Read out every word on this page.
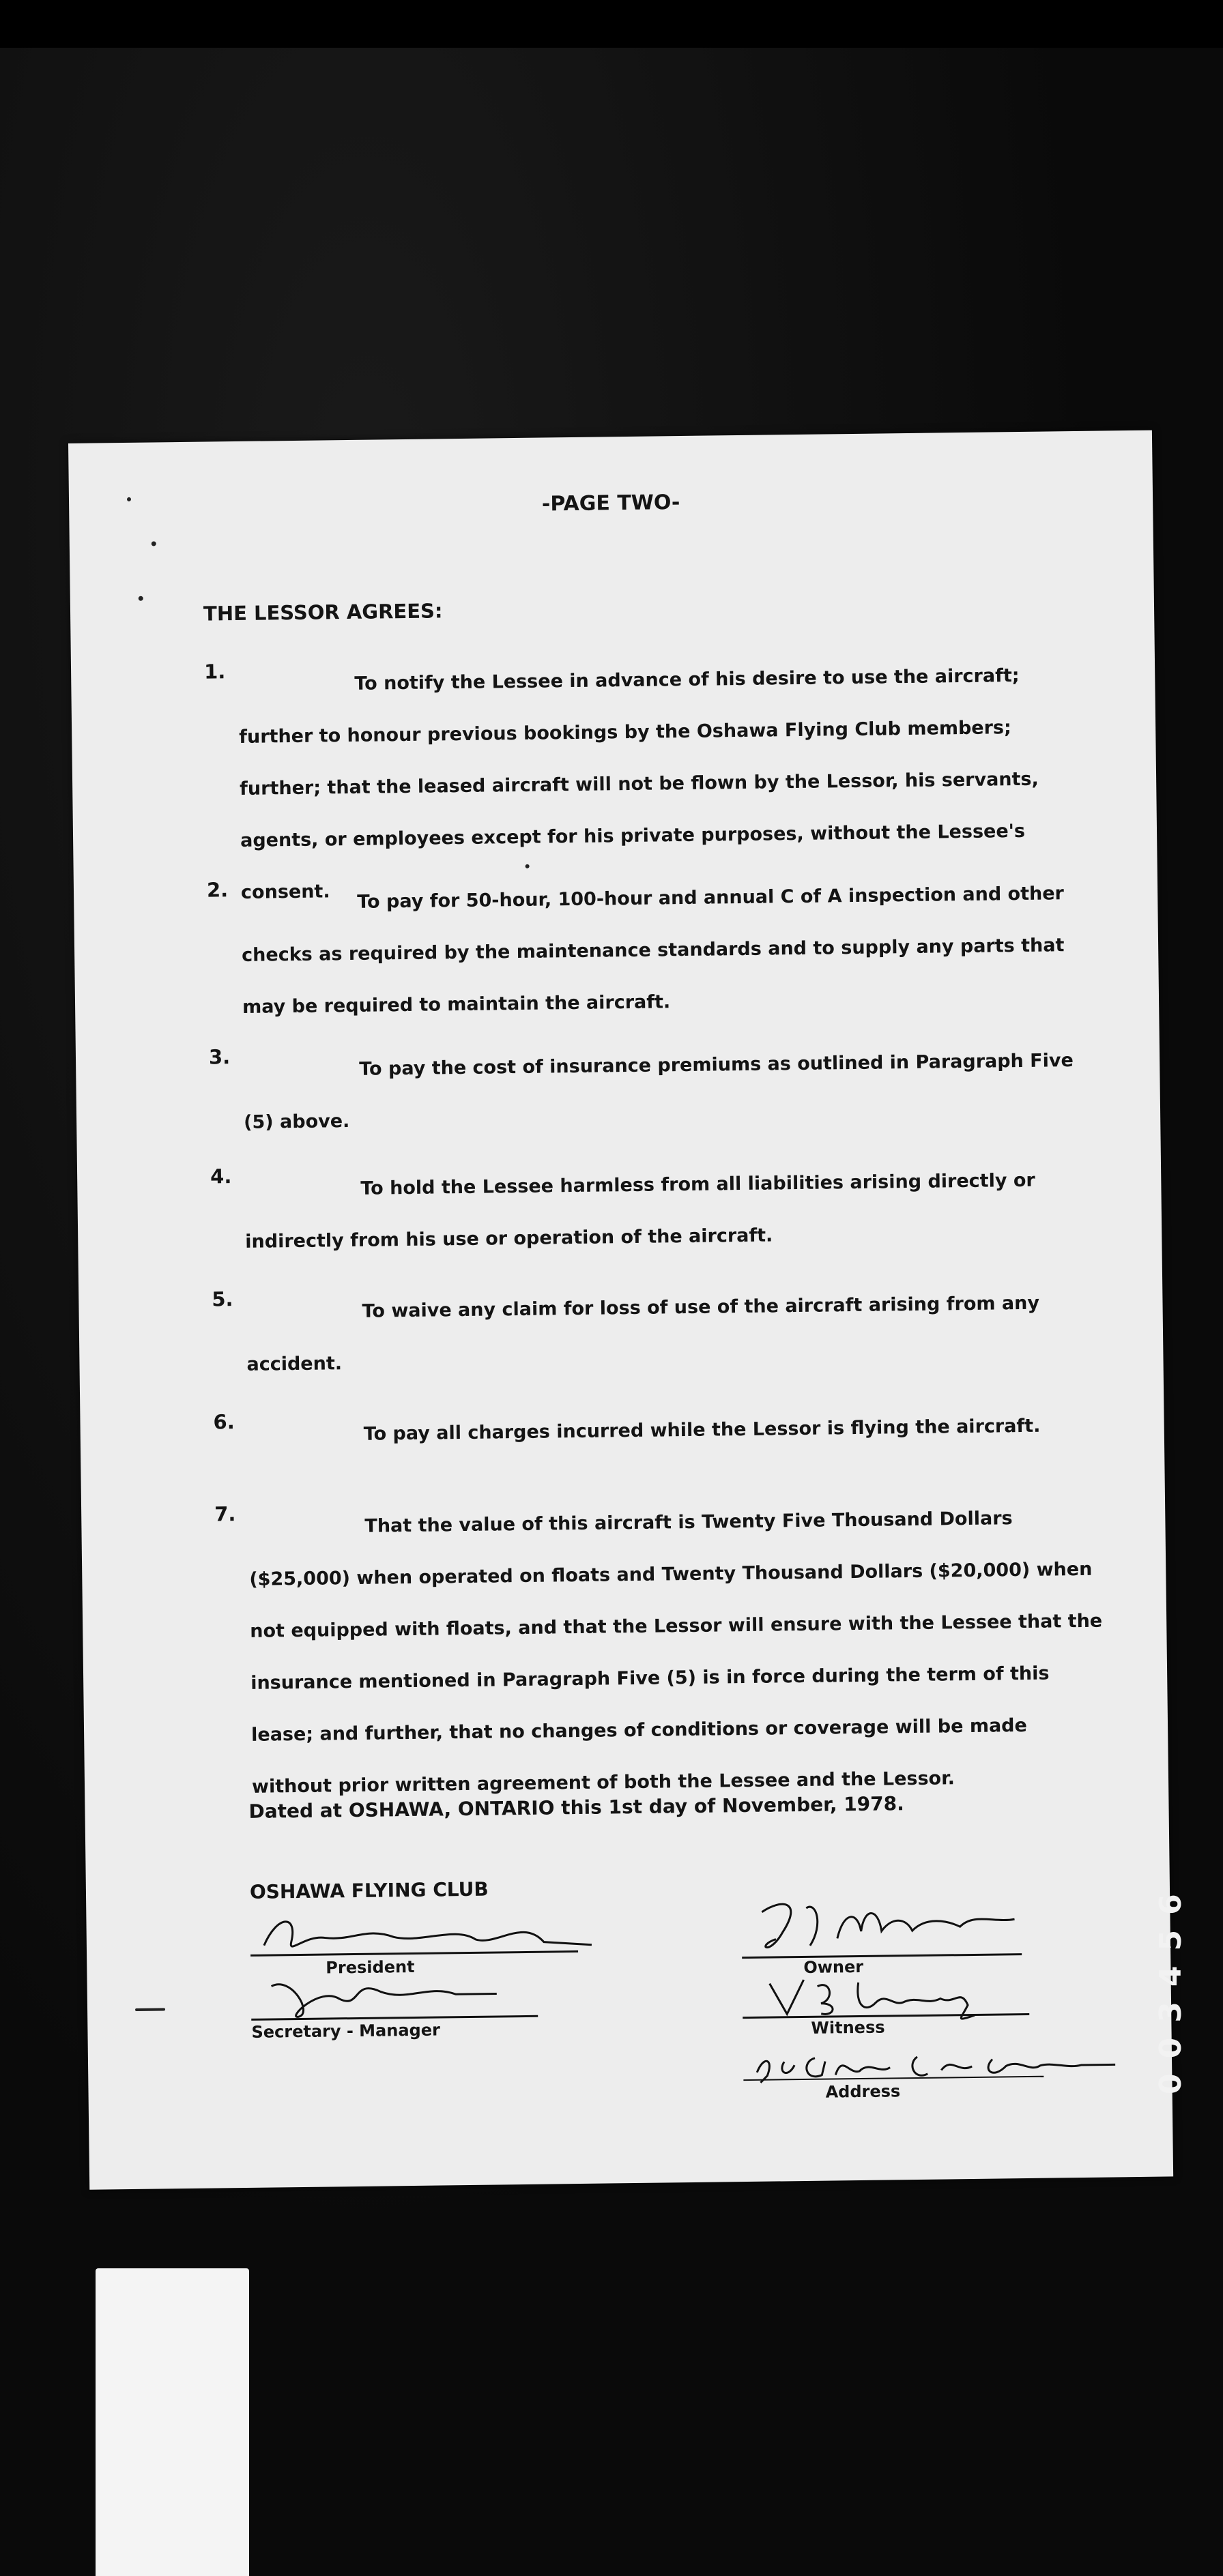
-PAGE TWO-
THE LESSOR AGREES:
1.	To notify the Lessee in advance of his desire to use the aircraft; further to honour previous bookings by the Oshawa Flying Club members; further; that the leased aircraft will not be flown by the Lessor, his servants, agents, or employees except for his private purposes, without the Lessee's consent.
2.	To pay for 50-hour, 100-hour and annual C of A inspection and other checks as required by the maintenance standards and to supply any parts that may be required to maintain the aircraft.
3.	To pay the cost of insurance premiums as outlined in Paragraph Five (5) above.
4.	To hold the Lessee harmless from all liabilities arising directly or indirectly from his use or operation of the aircraft.
5.	To waive any claim for loss of use of the aircraft arising from any accident.
6.	To pay all charges incurred while the Lessor is flying the aircraft.
7.	That the value of this aircraft is Twenty Five Thousand Dollars ($25,000) when operated on floats and Twenty Thousand Dollars ($20,000) when not equipped with floats, and that the Lessor will ensure with the Lessee that the insurance mentioned in Paragraph Five (5) is in force during the term of this lease; and further, that no changes of conditions or coverage will be made without prior written agreement of both the Lessee and the Lessor.
Dated at OSHAWA, ONTARIO this 1st day of November, 1978.
OSHAWA FLYING CLUB
President
Secretary - Manager
Owner
Witness
Address	003456
